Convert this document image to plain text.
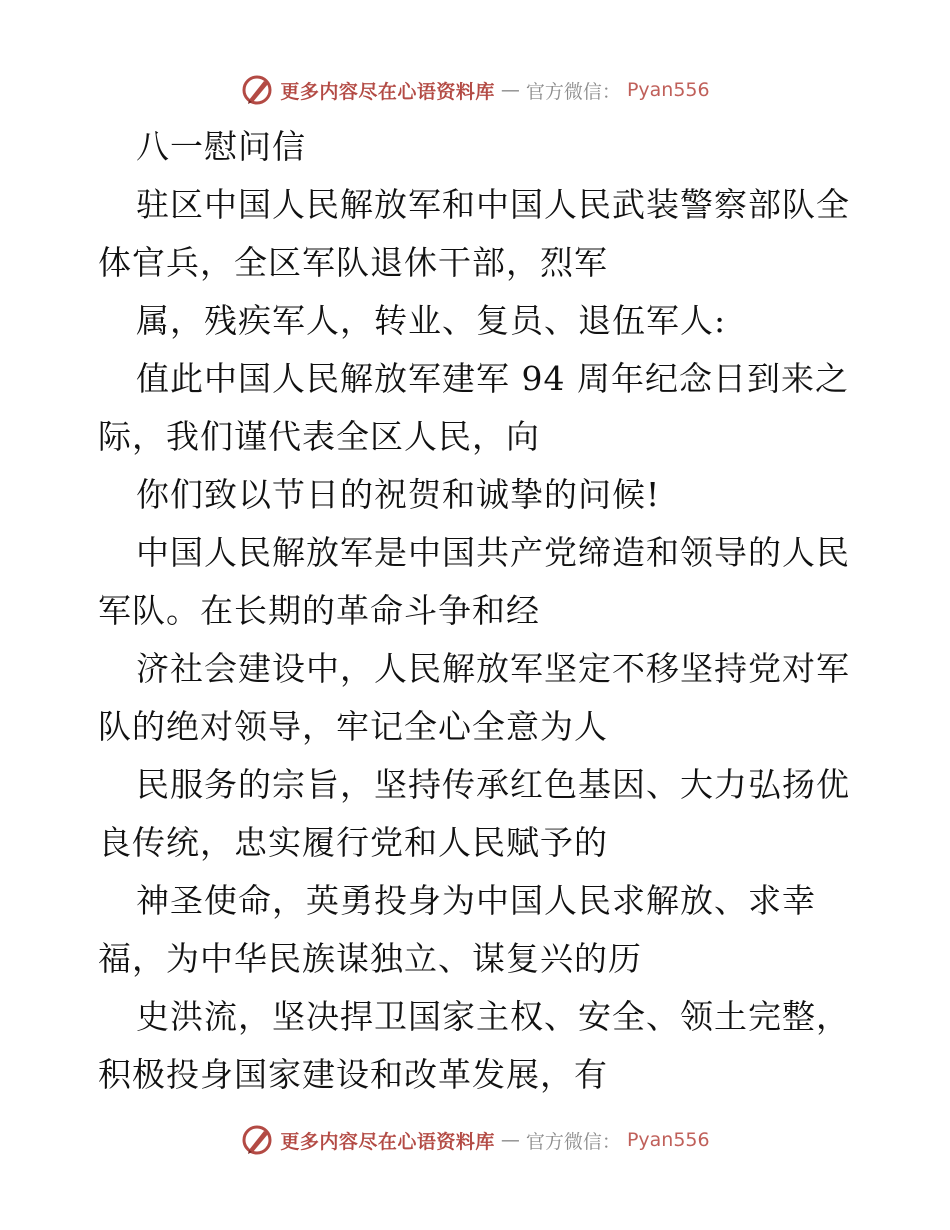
更多内容尽在心语资料库 — 官方微信： Pyan556
八一慰问信
驻区中国人民解放军和中国人民武装警察部队全
体官兵，全区军队退休干部，烈军
属，残疾军人，转业、复员、退伍军人:
值此中国人民解放军建军 94 周年纪念日到来之
际，我们谨代表全区人民，向
你们致以节日的祝贺和诚挚的问候!
中国人民解放军是中国共产党缔造和领导的人民
军队。在长期的革命斗争和经
济社会建设中，人民解放军坚定不移坚持党对军
队的绝对领导，牢记全心全意为人
民服务的宗旨，坚持传承红色基因、大力弘扬优
良传统，忠实履行党和人民赋予的
神圣使命，英勇投身为中国人民求解放、求幸
福，为中华民族谋独立、谋复兴的历
史洪流，坚决捍卫国家主权、安全、领土完整，
积极投身国家建设和改革发展，有
更多内容尽在心语资料库 — 官方微信： Pyan556
